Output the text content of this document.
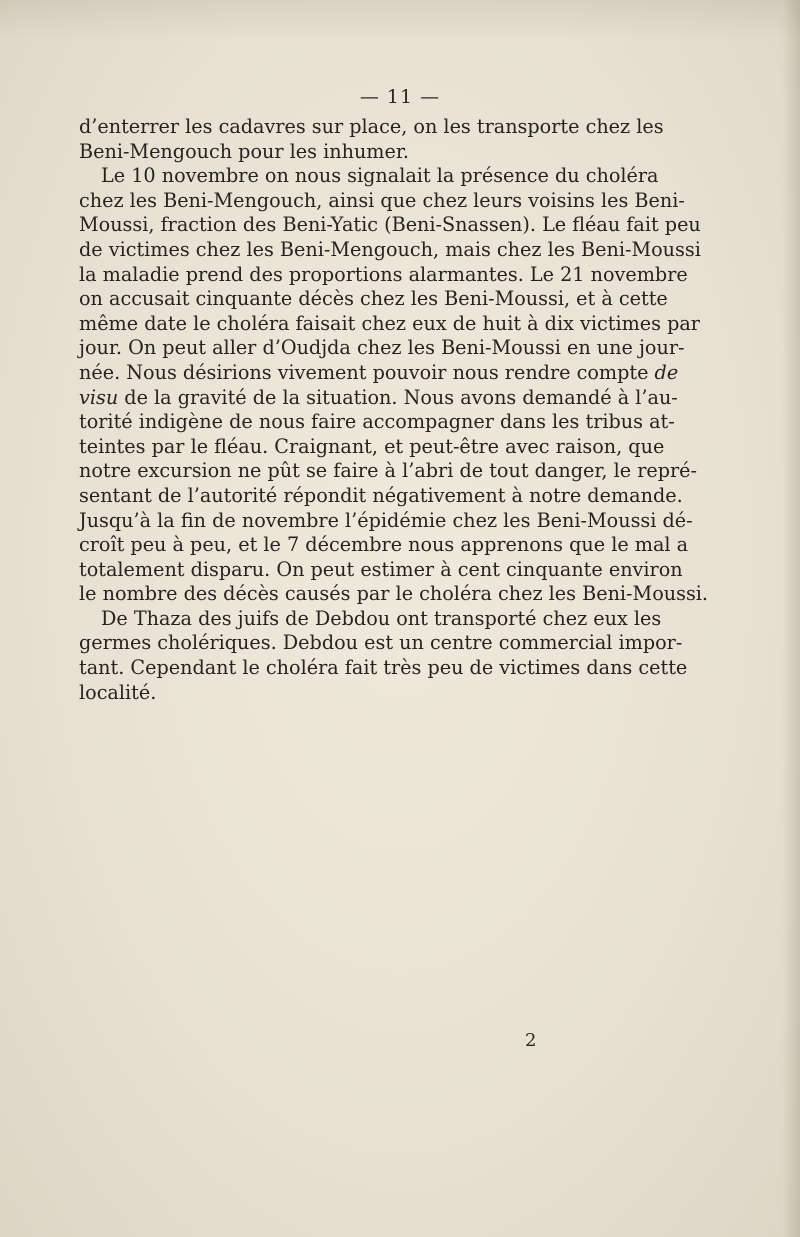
— 11 —
d’enterrer les cadavres sur place, on les transporte chez les
Beni-Mengouch pour les inhumer.
Le 10 novembre on nous signalait la présence du choléra
chez les Beni-Mengouch, ainsi que chez leurs voisins les Beni-
Moussi, fraction des Beni-Yatic (Beni-Snassen). Le fléau fait peu
de victimes chez les Beni-Mengouch, mais chez les Beni-Moussi
la maladie prend des proportions alarmantes. Le 21 novembre
on accusait cinquante décès chez les Beni-Moussi, et à cette
même date le choléra faisait chez eux de huit à dix victimes par
jour. On peut aller d’Oudjda chez les Beni-Moussi en une jour-
née. Nous désirions vivement pouvoir nous rendre compte de
visu de la gravité de la situation. Nous avons demandé à l’au-
torité indigène de nous faire accompagner dans les tribus at-
teintes par le fléau. Craignant, et peut-être avec raison, que
notre excursion ne pût se faire à l’abri de tout danger, le repré-
sentant de l’autorité répondit négativement à notre demande.
Jusqu’à la fin de novembre l’épidémie chez les Beni-Moussi dé-
croît peu à peu, et le 7 décembre nous apprenons que le mal a
totalement disparu. On peut estimer à cent cinquante environ
le nombre des décès causés par le choléra chez les Beni-Moussi.
De Thaza des juifs de Debdou ont transporté chez eux les
germes cholériques. Debdou est un centre commercial impor-
tant. Cependant le choléra fait très peu de victimes dans cette
localité.
2
